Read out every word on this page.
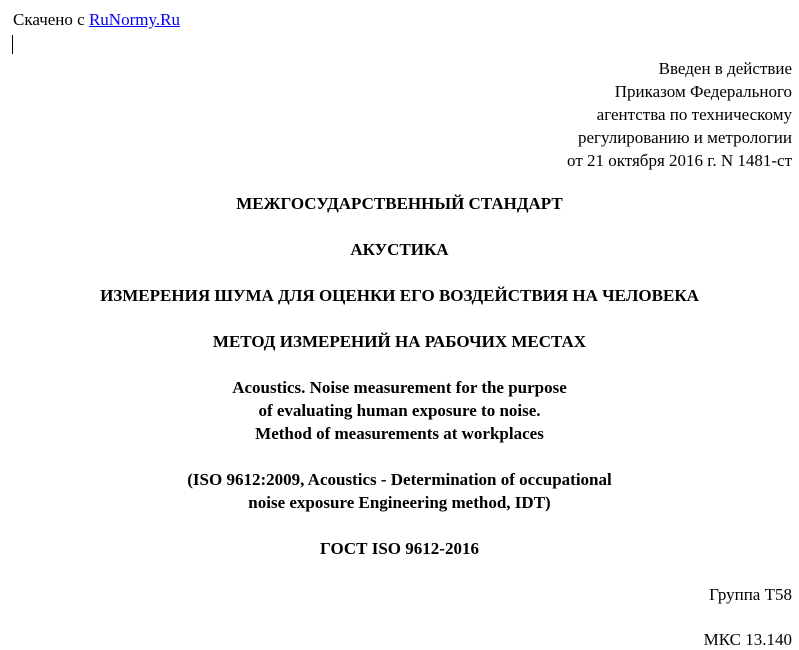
Скачено с RuNormy.Ru
Введен в действие
Приказом Федерального
агентства по техническому
регулированию и метрологии
от 21 октября 2016 г. N 1481-ст
МЕЖГОСУДАРСТВЕННЫЙ СТАНДАРТ
АКУСТИКА
ИЗМЕРЕНИЯ ШУМА ДЛЯ ОЦЕНКИ ЕГО ВОЗДЕЙСТВИЯ НА ЧЕЛОВЕКА
МЕТОД ИЗМЕРЕНИЙ НА РАБОЧИХ МЕСТАХ
Acoustics. Noise measurement for the purpose
of evaluating human exposure to noise.
Method of measurements at workplaces
(ISO 9612:2009, Acoustics - Determination of occupational
noise exposure Engineering method, IDT)
ГОСТ ISO 9612-2016
Группа Т58
МКС 13.140
